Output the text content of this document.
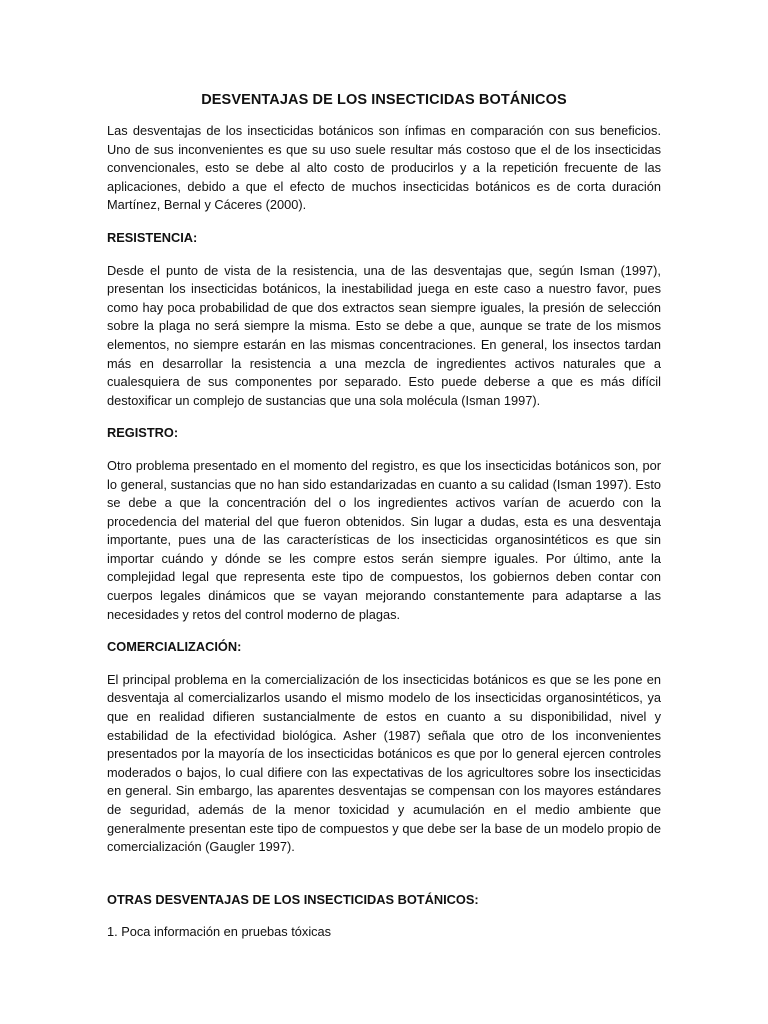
DESVENTAJAS DE LOS INSECTICIDAS BOTÁNICOS

Las desventajas de los insecticidas botánicos son ínfimas en comparación con sus beneficios. Uno de sus inconvenientes es que su uso suele resultar más costoso que el de los insecticidas convencionales, esto se debe al alto costo de producirlos y a la repetición frecuente de las aplicaciones, debido a que el efecto de muchos insecticidas botánicos es de corta duración Martínez, Bernal y Cáceres (2000).

RESISTENCIA:

Desde el punto de vista de la resistencia, una de las desventajas que, según Isman (1997), presentan los insecticidas botánicos, la inestabilidad juega en este caso a nuestro favor, pues como hay poca probabilidad de que dos extractos sean siempre iguales, la presión de selección sobre la plaga no será siempre la misma. Esto se debe a que, aunque se trate de los mismos elementos, no siempre estarán en las mismas concentraciones. En general, los insectos tardan más en desarrollar la resistencia a una mezcla de ingredientes activos naturales que a cualesquiera de sus componentes por separado. Esto puede deberse a que es más difícil destoxificar un complejo de sustancias que una sola molécula (Isman 1997).

REGISTRO:

Otro problema presentado en el momento del registro, es que los insecticidas botánicos son, por lo general, sustancias que no han sido estandarizadas en cuanto a su calidad (Isman 1997). Esto se debe a que la concentración del o los ingredientes activos varían de acuerdo con la procedencia del material del que fueron obtenidos. Sin lugar a dudas, esta es una desventaja importante, pues una de las características de los insecticidas organosintéticos es que sin importar cuándo y dónde se les compre estos serán siempre iguales. Por último, ante la complejidad legal que representa este tipo de compuestos, los gobiernos deben contar con cuerpos legales dinámicos que se vayan mejorando constantemente para adaptarse a las necesidades y retos del control moderno de plagas.

COMERCIALIZACIÓN:

El principal problema en la comercialización de los insecticidas botánicos es que se les pone en desventaja al comercializarlos usando el mismo modelo de los insecticidas organosintéticos, ya que en realidad difieren sustancialmente de estos en cuanto a su disponibilidad, nivel y estabilidad de la efectividad biológica. Asher (1987) señala que otro de los inconvenientes presentados por la mayoría de los insecticidas botánicos es que por lo general ejercen controles moderados o bajos, lo cual difiere con las expectativas de los agricultores sobre los insecticidas en general. Sin embargo, las aparentes desventajas se compensan con los mayores estándares de seguridad, además de la menor toxicidad y acumulación en el medio ambiente que generalmente presentan este tipo de compuestos y que debe ser la base de un modelo propio de comercialización (Gaugler 1997).

OTRAS DESVENTAJAS DE LOS INSECTICIDAS BOTÁNICOS:

1. Poca información en pruebas tóxicas
